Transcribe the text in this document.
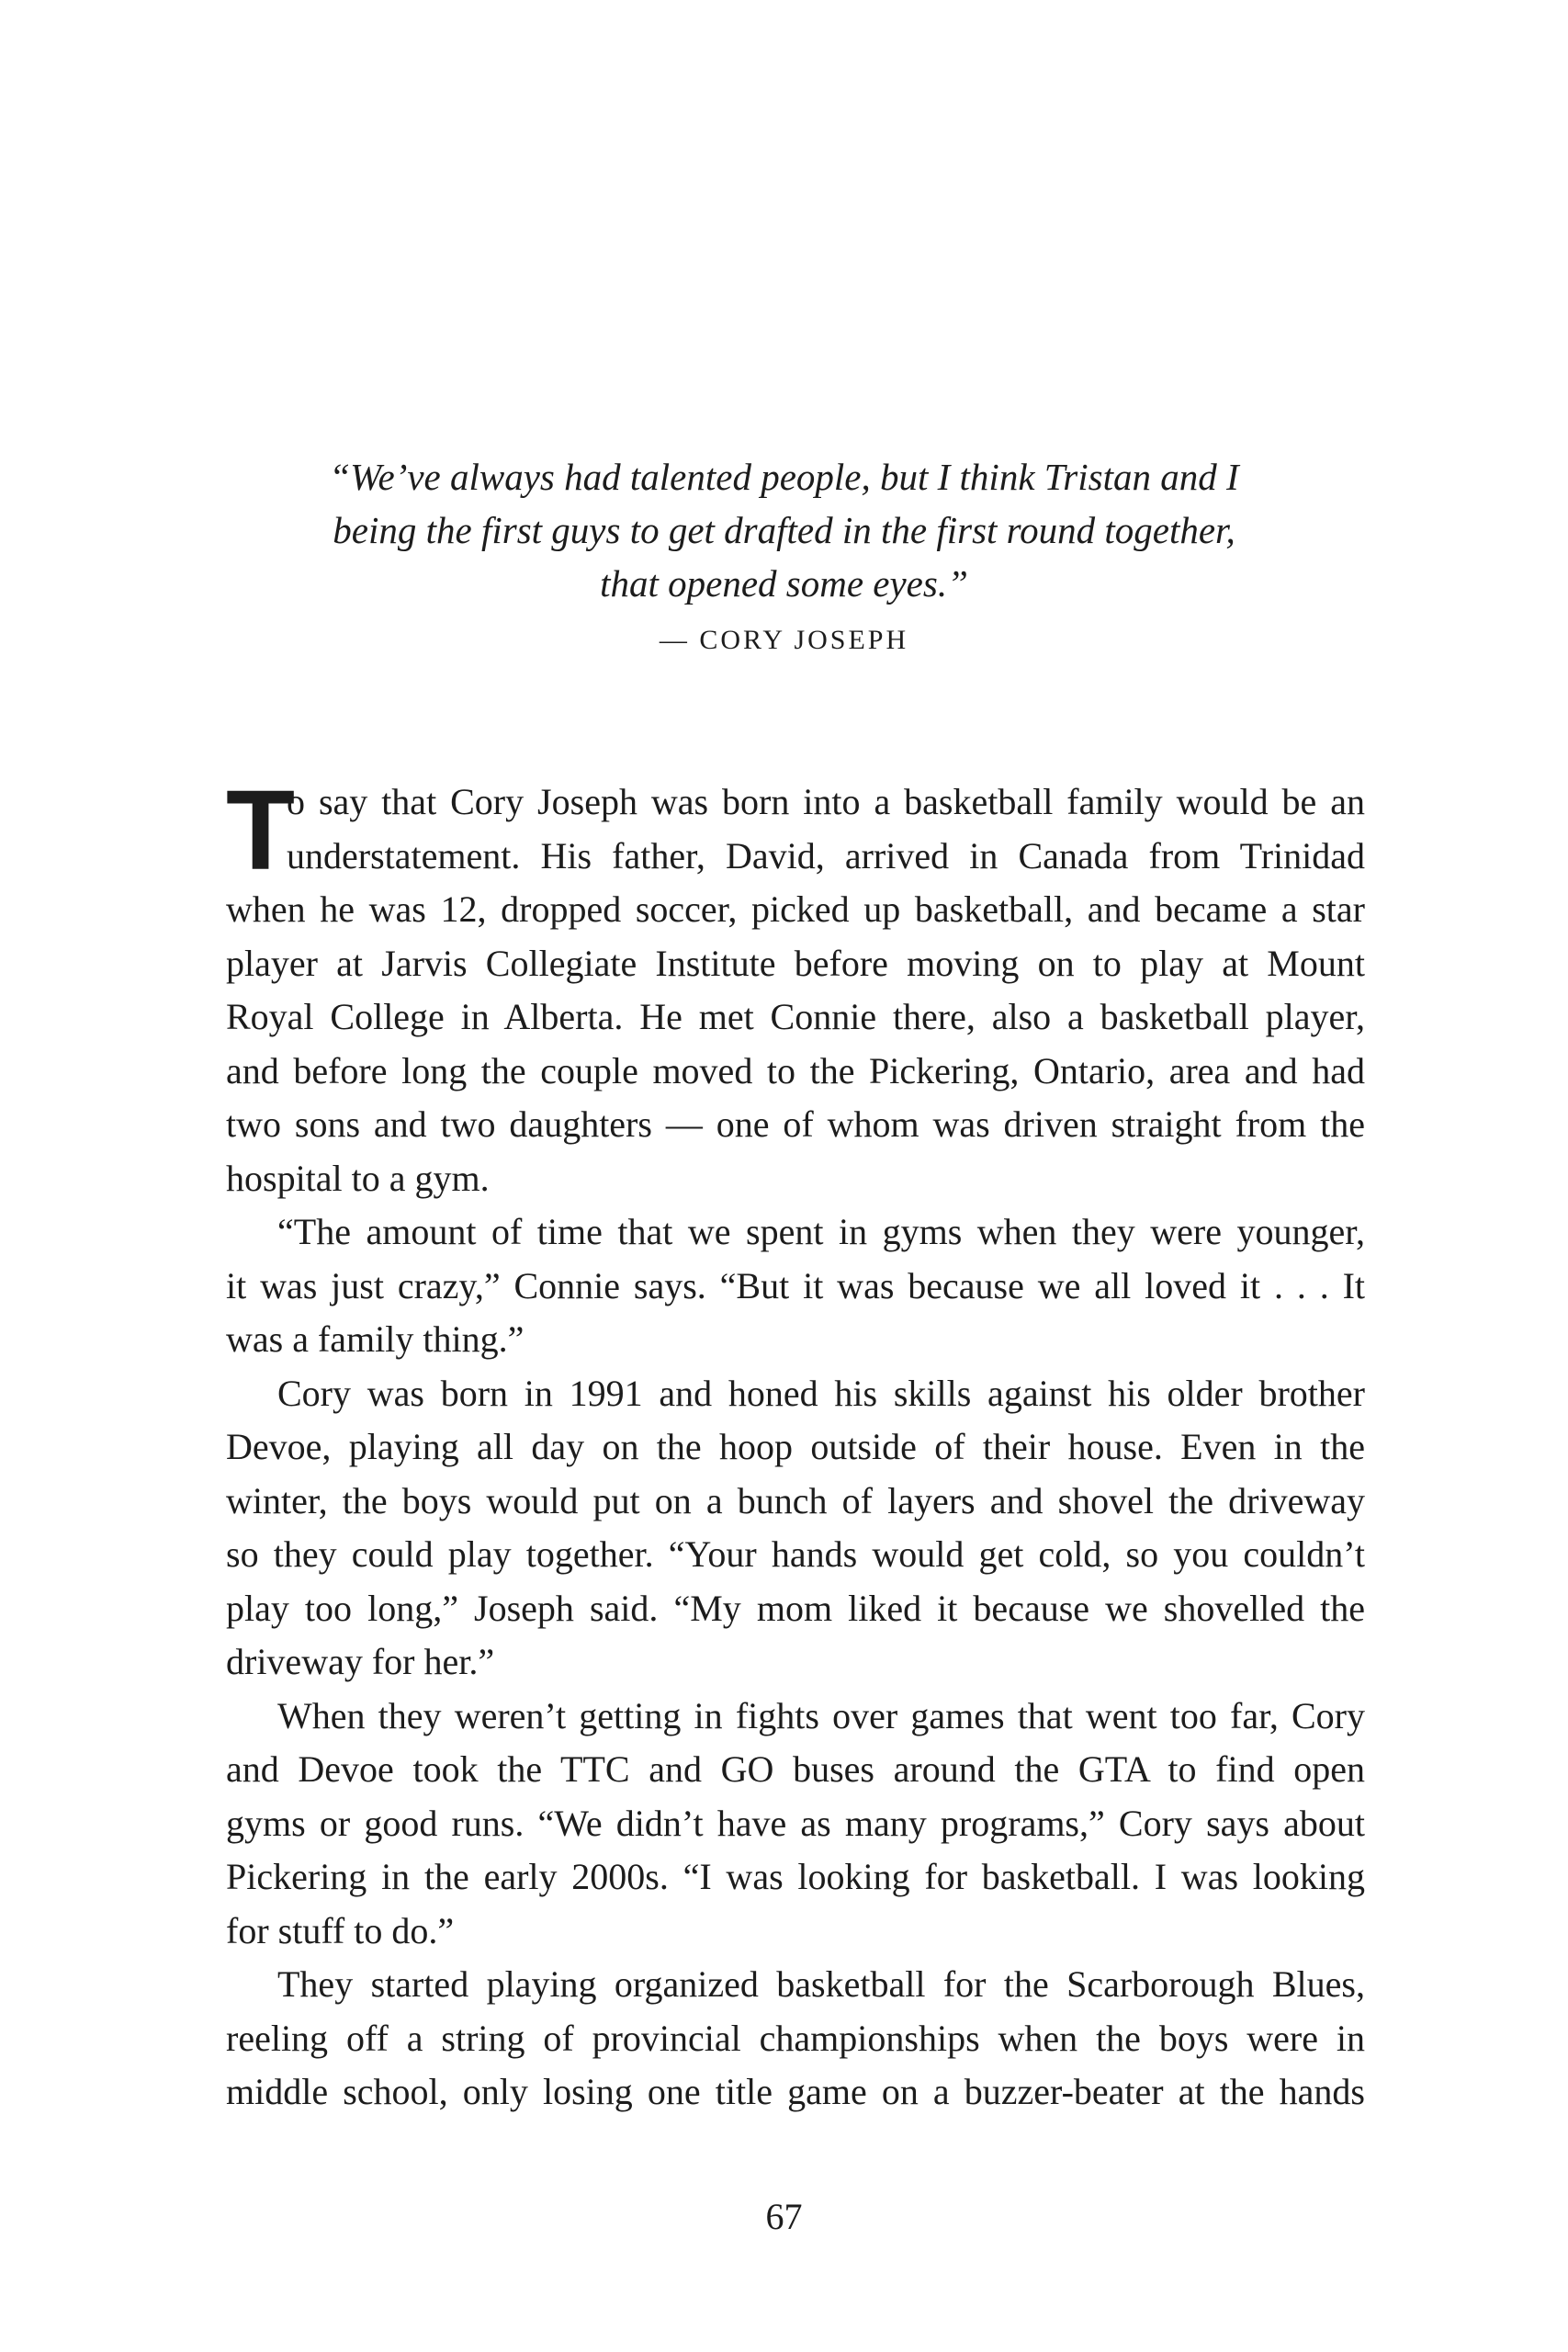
“We’ve always had talented people, but I think Tristan and I
being the first guys to get drafted in the first round together,
that opened some eyes.”
— CORY JOSEPH
T
o say that Cory Joseph was born into a basketball family would be an
understatement. His father, David, arrived in Canada from Trinidad
when he was 12, dropped soccer, picked up basketball, and became a star
player at Jarvis Collegiate Institute before moving on to play at Mount
Royal College in Alberta. He met Connie there, also a basketball player,
and before long the couple moved to the Pickering, Ontario, area and had
two sons and two daughters — one of whom was driven straight from the
hospital to a gym.
“The amount of time that we spent in gyms when they were younger,
it was just crazy,” Connie says. “But it was because we all loved it . . . It
was a family thing.”
Cory was born in 1991 and honed his skills against his older brother
Devoe, playing all day on the hoop outside of their house. Even in the
winter, the boys would put on a bunch of layers and shovel the driveway
so they could play together. “Your hands would get cold, so you couldn’t
play too long,” Joseph said. “My mom liked it because we shovelled the
driveway for her.”
When they weren’t getting in fights over games that went too far, Cory
and Devoe took the TTC and GO buses around the GTA to find open
gyms or good runs. “We didn’t have as many programs,” Cory says about
Pickering in the early 2000s. “I was looking for basketball. I was looking
for stuff to do.”
They started playing organized basketball for the Scarborough Blues,
reeling off a string of provincial championships when the boys were in
middle school, only losing one title game on a buzzer-beater at the hands
67
